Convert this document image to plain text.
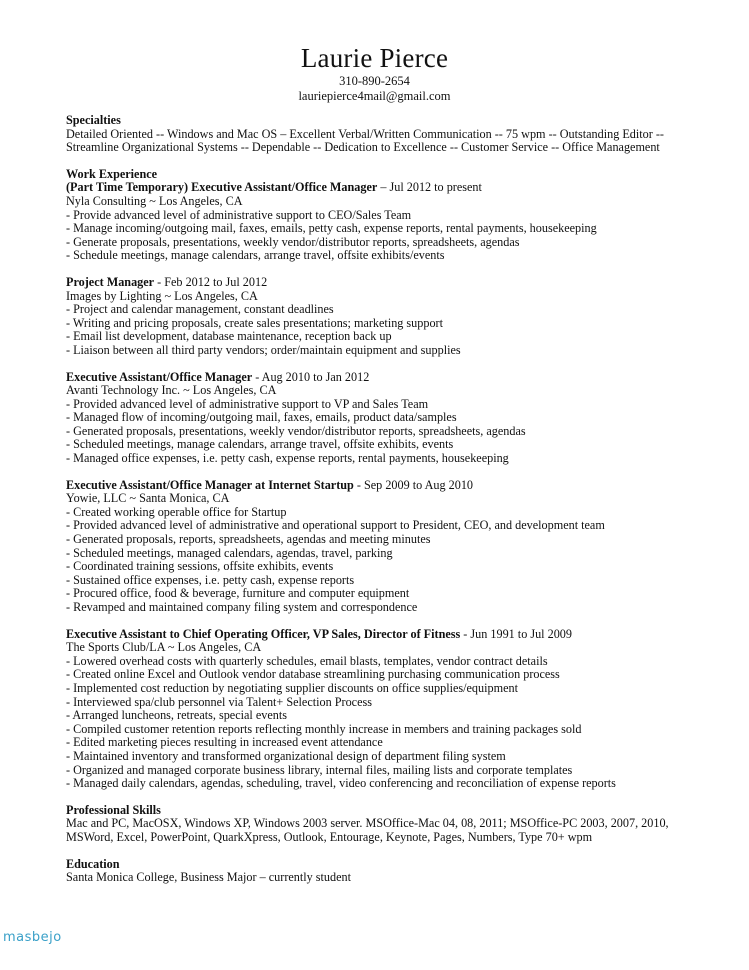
Laurie Pierce
310-890-2654
lauriepierce4mail@gmail.com
Specialties
Detailed Oriented -- Windows and Mac OS – Excellent Verbal/Written Communication -- 75 wpm -- Outstanding Editor --
Streamline Organizational Systems -- Dependable -- Dedication to Excellence -- Customer Service -- Office Management
Work Experience
(Part Time Temporary) Executive Assistant/Office Manager – Jul 2012 to present
Nyla Consulting ~ Los Angeles, CA
- Provide advanced level of administrative support to CEO/Sales Team
- Manage incoming/outgoing mail, faxes, emails, petty cash, expense reports, rental payments, housekeeping
- Generate proposals, presentations, weekly vendor/distributor reports, spreadsheets, agendas
- Schedule meetings, manage calendars, arrange travel, offsite exhibits/events
Project Manager - Feb 2012 to Jul 2012
Images by Lighting ~ Los Angeles, CA
- Project and calendar management, constant deadlines
- Writing and pricing proposals, create sales presentations; marketing support
- Email list development, database maintenance, reception back up
- Liaison between all third party vendors; order/maintain equipment and supplies
Executive Assistant/Office Manager - Aug 2010 to Jan 2012
Avanti Technology Inc. ~ Los Angeles, CA
- Provided advanced level of administrative support to VP and Sales Team
- Managed flow of incoming/outgoing mail, faxes, emails, product data/samples
- Generated proposals, presentations, weekly vendor/distributor reports, spreadsheets, agendas
- Scheduled meetings, manage calendars, arrange travel, offsite exhibits, events
- Managed office expenses, i.e. petty cash, expense reports, rental payments, housekeeping
Executive Assistant/Office Manager at Internet Startup - Sep 2009 to Aug 2010
Yowie, LLC ~ Santa Monica, CA
- Created working operable office for Startup
- Provided advanced level of administrative and operational support to President, CEO, and development team
- Generated proposals, reports, spreadsheets, agendas and meeting minutes
- Scheduled meetings, managed calendars, agendas, travel, parking
- Coordinated training sessions, offsite exhibits, events
- Sustained office expenses, i.e. petty cash, expense reports
- Procured office, food & beverage, furniture and computer equipment
- Revamped and maintained company filing system and correspondence
Executive Assistant to Chief Operating Officer, VP Sales, Director of Fitness - Jun 1991 to Jul 2009
The Sports Club/LA ~ Los Angeles, CA
- Lowered overhead costs with quarterly schedules, email blasts, templates, vendor contract details
- Created online Excel and Outlook vendor database streamlining purchasing communication process
- Implemented cost reduction by negotiating supplier discounts on office supplies/equipment
- Interviewed spa/club personnel via Talent+ Selection Process
- Arranged luncheons, retreats, special events
- Compiled customer retention reports reflecting monthly increase in members and training packages sold
- Edited marketing pieces resulting in increased event attendance
- Maintained inventory and transformed organizational design of department filing system
- Organized and managed corporate business library, internal files, mailing lists and corporate templates
- Managed daily calendars, agendas, scheduling, travel, video conferencing and reconciliation of expense reports
Professional Skills
Mac and PC, MacOSX, Windows XP, Windows 2003 server. MSOffice-Mac 04, 08, 2011; MSOffice-PC 2003, 2007, 2010,
MSWord, Excel, PowerPoint, QuarkXpress, Outlook, Entourage, Keynote, Pages, Numbers, Type 70+ wpm
Education
Santa Monica College, Business Major – currently student
masbejo
